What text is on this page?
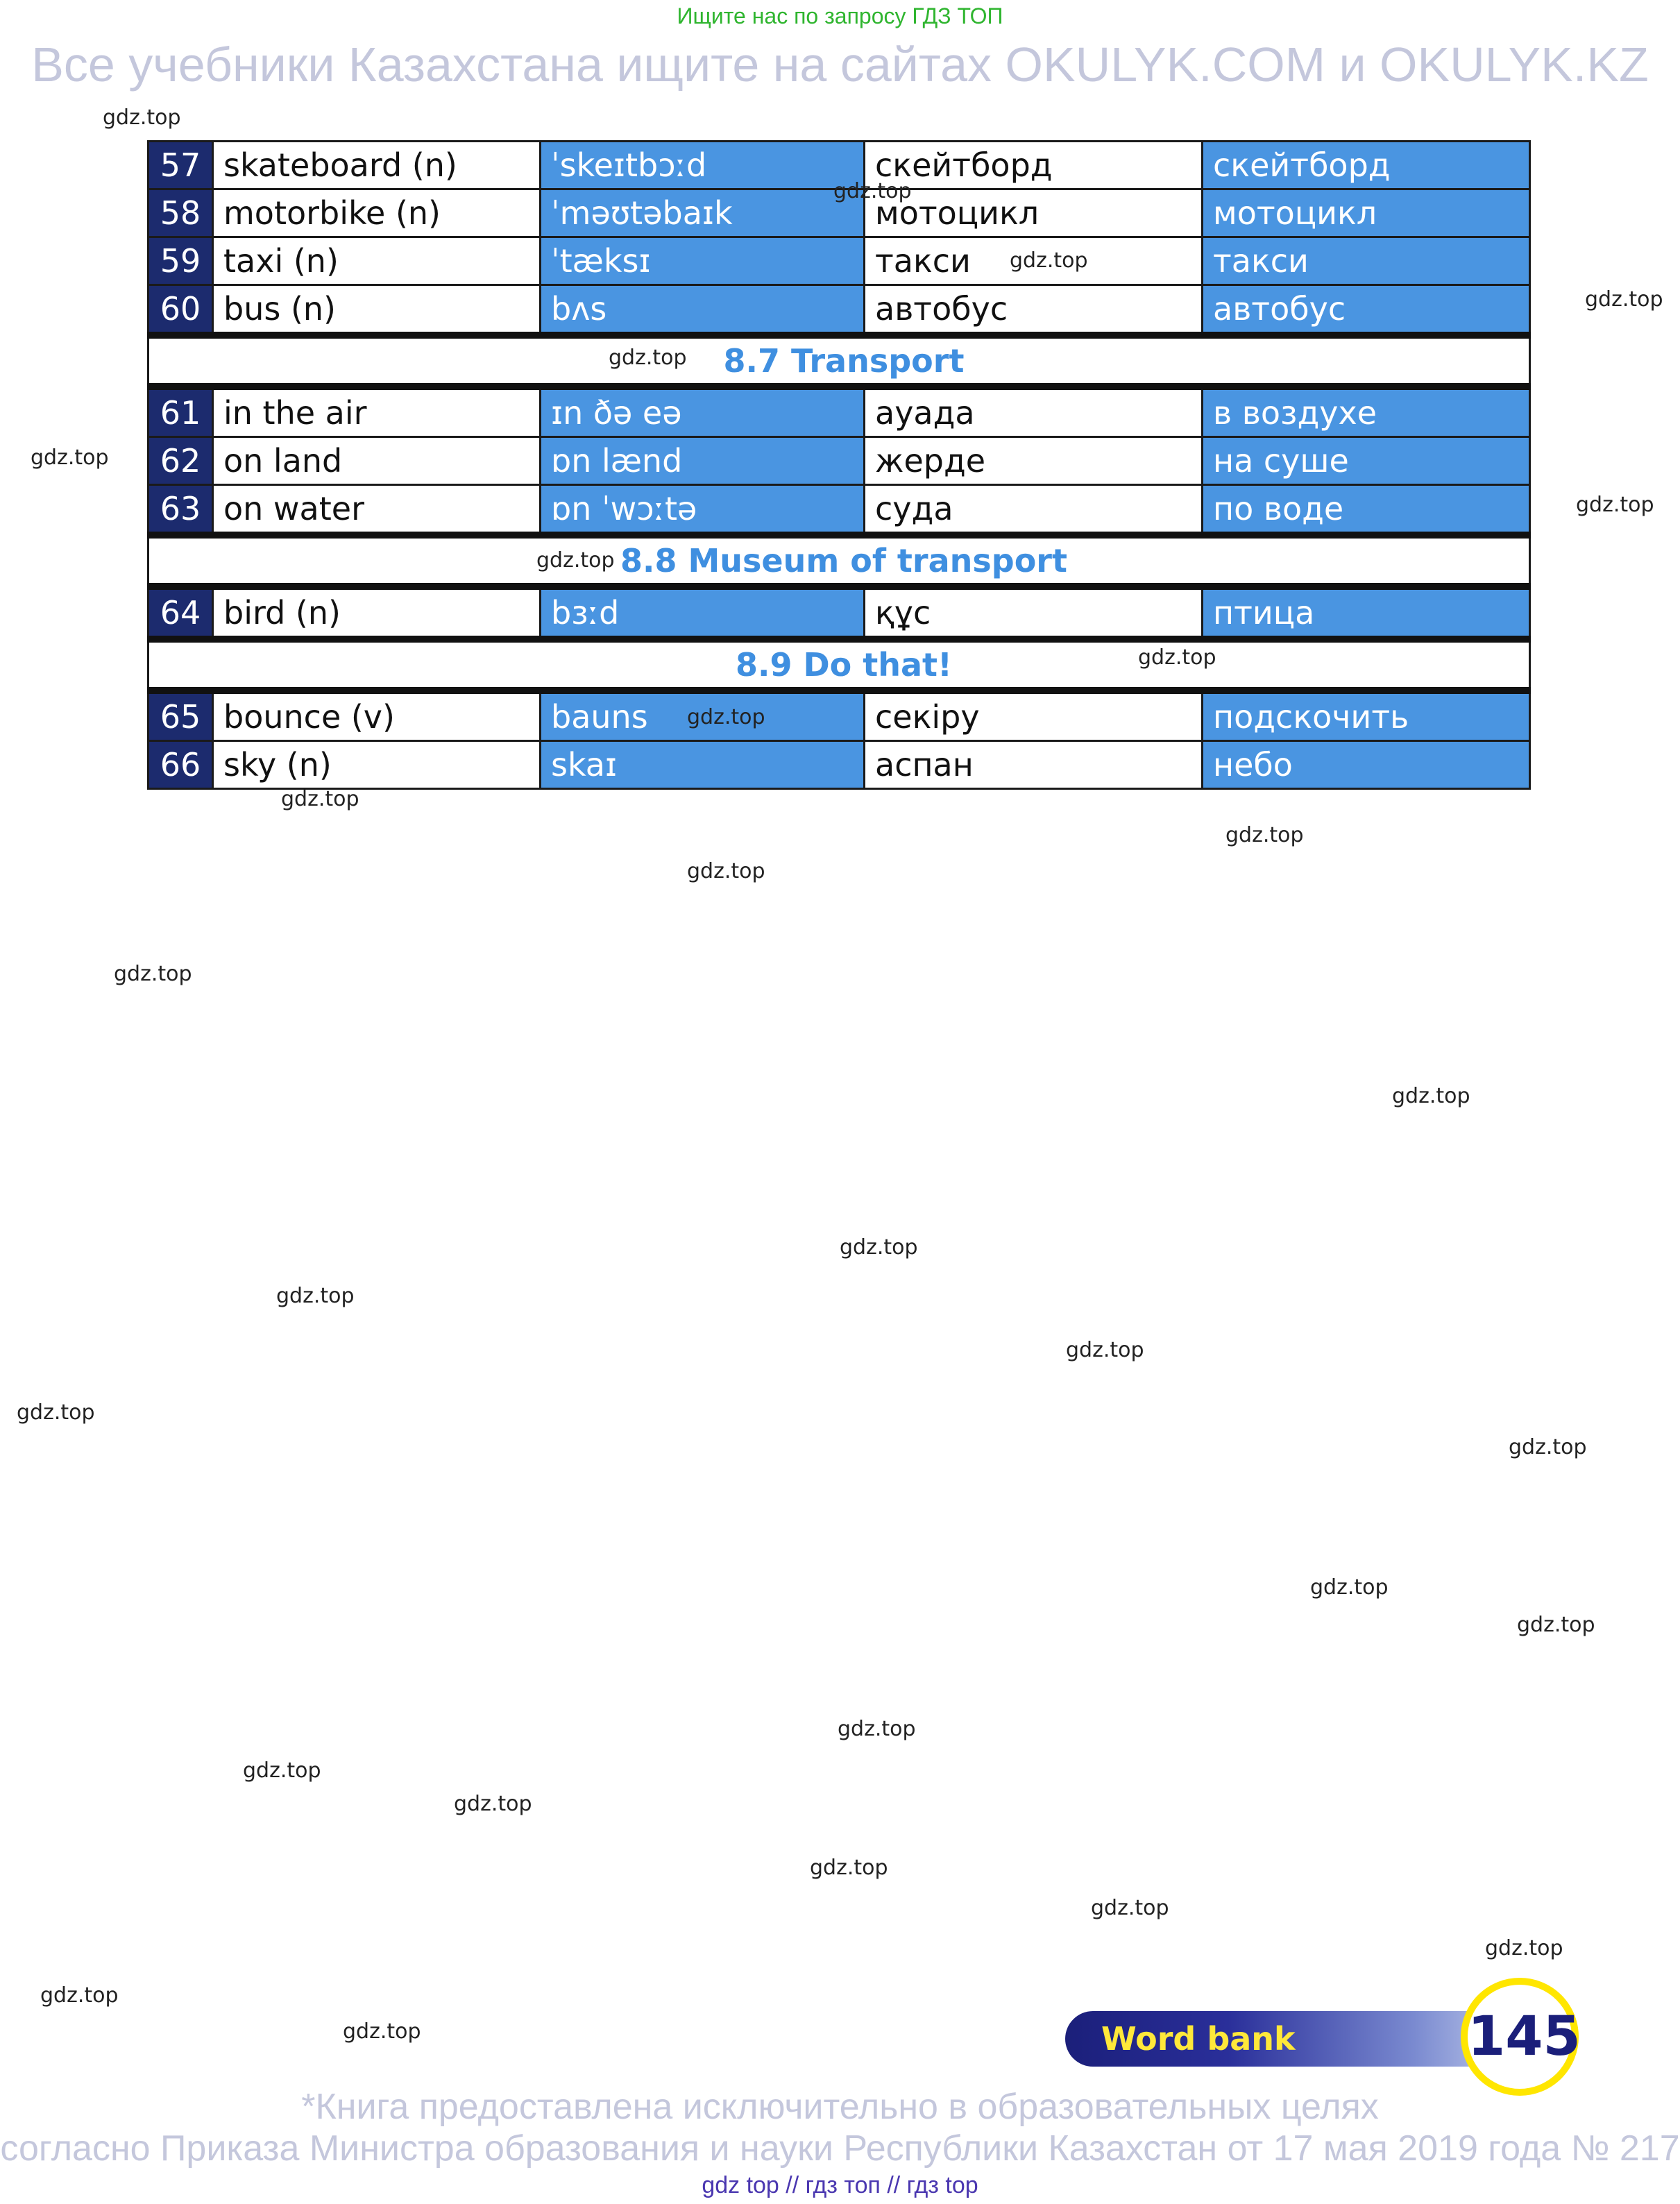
Ищите нас по запросу ГДЗ ТОП
Все учебники Казахстана ищите на сайтах OKULYK.COM и OKULYK.KZ
57	skateboard (n)	ˈskeɪtbɔːd	скейтборд	скейтборд
58	motorbike (n)	ˈməʊtəbaɪk	мотоцикл	мотоцикл
59	taxi (n)	ˈtæksɪ	такси	такси
60	bus (n)	bʌs	автобус	автобус
8.7 Transport				
61	in the air	ɪn ðə eə	ауада	в воздухе
62	on land	ɒn lænd	жерде	на суше
63	on water	ɒn ˈwɔːtə	суда	по воде
8.8 Museum of transport				
64	bird (n)	bɜːd	құс	птица
8.9 Do that!				
65	bounce (v)	bauns	секіру	подскочить
66	sky (n)	skaɪ	аспан	небо
gdz.top
gdz.top
gdz.top
gdz.top
gdz.top
gdz.top
gdz.top
gdz.top
gdz.top
gdz.top
gdz.top
gdz.top
gdz.top
gdz.top
gdz.top
gdz.top
gdz.top
gdz.top
gdz.top
gdz.top
gdz.top
gdz.top
gdz.top
gdz.top
gdz.top
gdz.top
gdz.top
gdz.top
gdz.top
gdz.top	Word bank	145
*Книга предоставлена исключительно в образовательных целях
согласно Приказа Министра образования и науки Республики Казахстан от 17 мая 2019 года № 217
gdz top // гдз топ // гдз top
